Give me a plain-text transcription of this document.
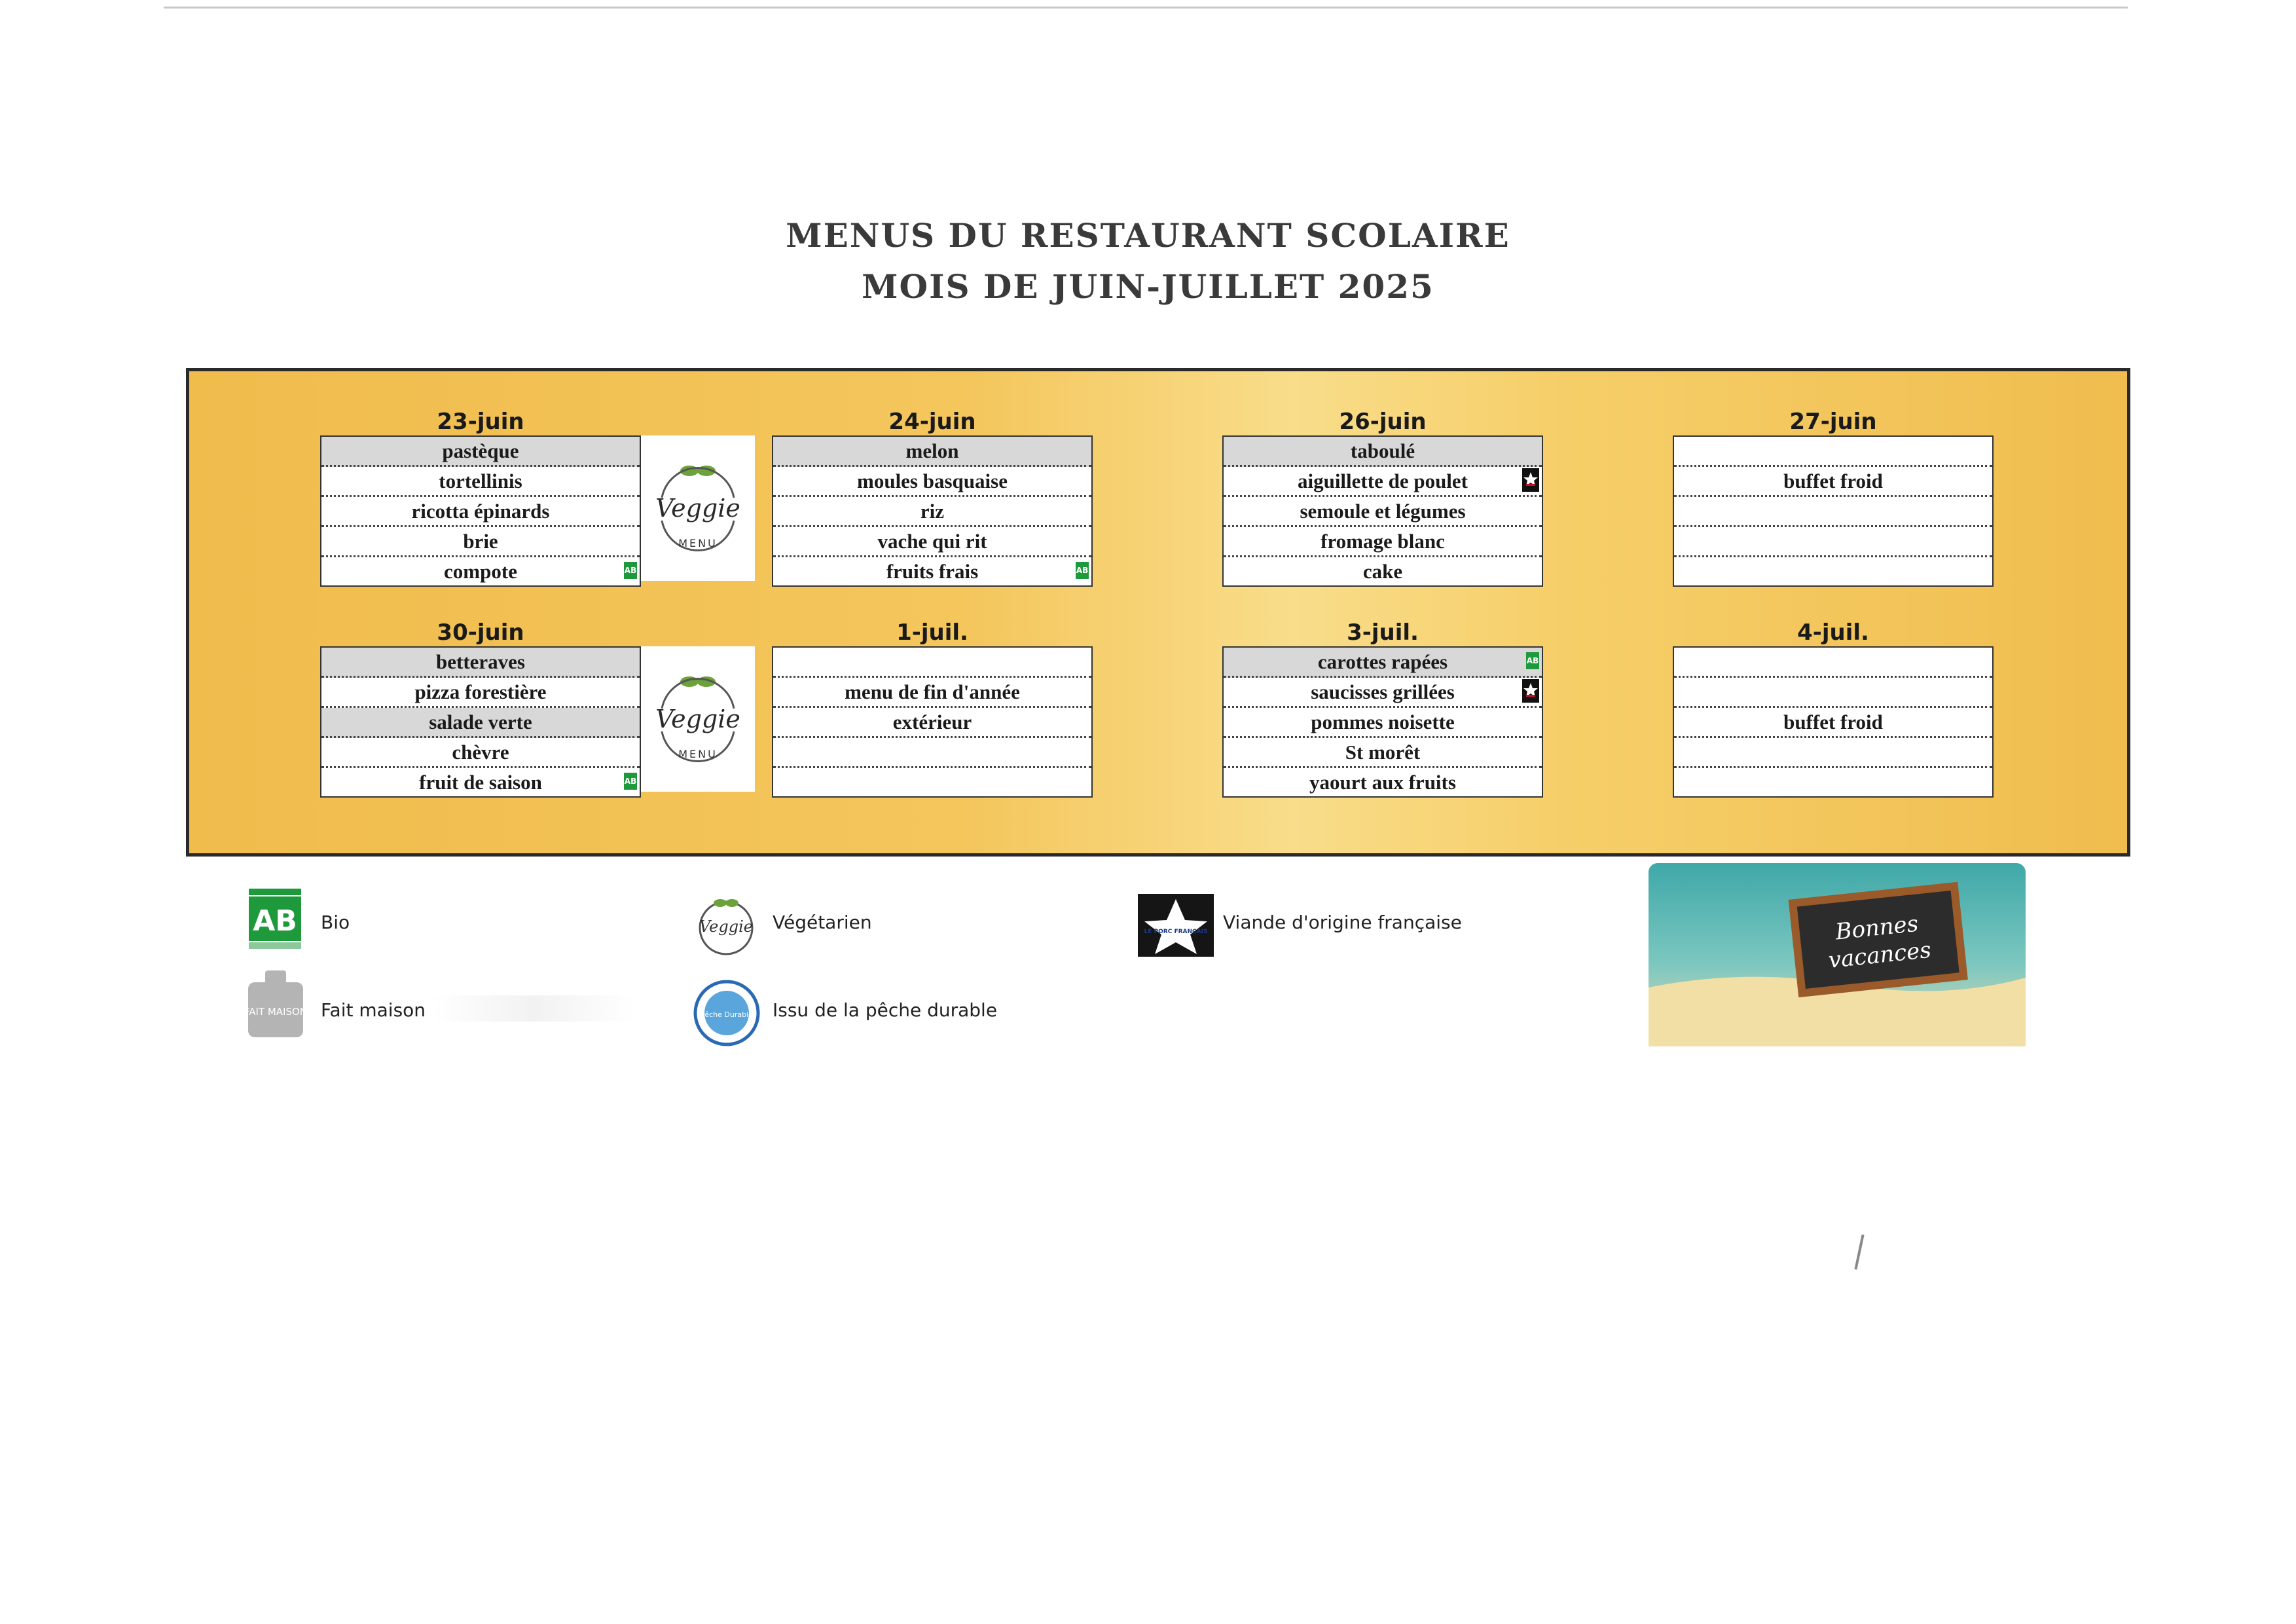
MENUS DU RESTAURANT SCOLAIRE
MOIS DE JUIN-JUILLET 2025
23-juin
pastèque
tortellinis
ricotta épinards
brie
compote	AB
Veggie
MENU
24-juin
melon
moules basquaise
riz
vache qui rit
fruits frais	AB
26-juin
taboulé
aiguillette de poulet
semoule et légumes
fromage blanc
cake
27-juin
buffet froid
30-juin
betteraves
pizza forestière
salade verte
chèvre
fruit de saison	AB
Veggie
MENU
1-juil.
menu de fin d'année
extérieur
3-juil.
carottes rapées	AB
saucisses grillées
pommes noisette
St morêt
yaourt aux fruits
4-juil.
buffet froid
AB Bio
FAIT MAISON Fait maison
Veggie Végétarien
Pêche Durable Issu de la pêche durable
LE PORC FRANÇAIS Viande d'origine française	Bonnes
vacances
